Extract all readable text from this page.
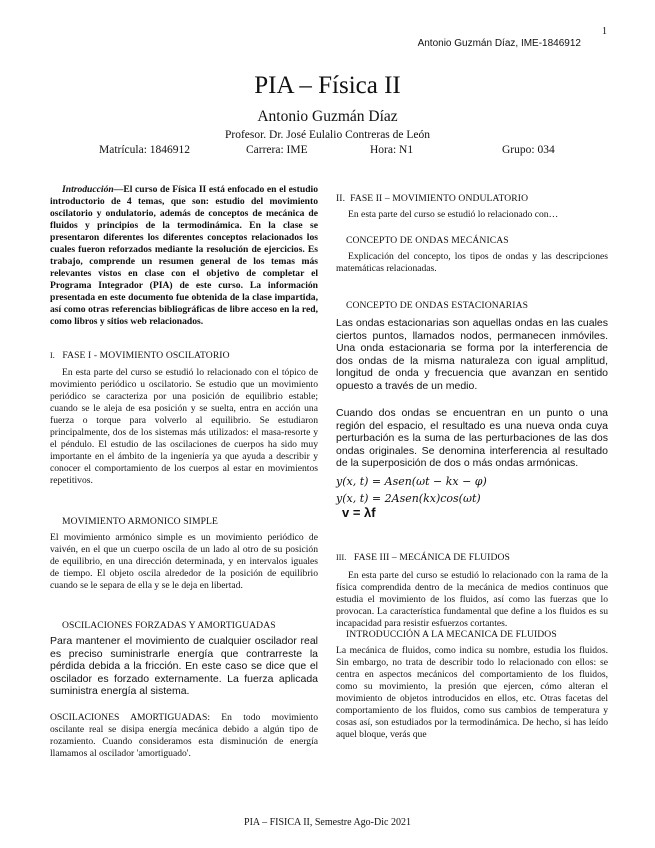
1
Antonio Guzmán Díaz, IME-1846912
PIA – Física II
Antonio Guzmán Díaz
Profesor. Dr. José Eulalio Contreras de León
Matrícula: 1846912	Carrera: IME	Hora: N1	Grupo: 034
Introducción—El curso de Física II está enfocado en el estudio introductorio de 4 temas, que son: estudio del movimiento oscilatorio y ondulatorio, además de conceptos de mecánica de fluidos y principios de la termodinámica. En la clase se presentaron diferentes los diferentes conceptos relacionados los cuales fueron reforzados mediante la resolución de ejercicios. Es trabajo, comprende un resumen general de los temas más relevantes vistos en clase con el objetivo de completar el Programa Integrador (PIA) de este curso. La información presentada en este documento fue obtenida de la clase impartida, así como otras referencias bibliográficas de libre acceso en la red, como libros y sitios web relacionados.
I. FASE I - MOVIMIENTO OSCILATORIO
En esta parte del curso se estudió lo relacionado con el tópico de movimiento periódico u oscilatorio. Se estudio que un movimiento periódico se caracteriza por una posición de equilibrio estable; cuando se le aleja de esa posición y se suelta, entra en acción una fuerza o torque para volverlo al equilibrio. Se estudiaron principalmente, dos de los sistemas más utilizados: el masa-resorte y el péndulo. El estudio de las oscilaciones de cuerpos ha sido muy importante en el ámbito de la ingeniería ya que ayuda a describir y conocer el comportamiento de los cuerpos al estar en movimientos repetitivos.
MOVIMIENTO ARMONICO SIMPLE
El movimiento armónico simple es un movimiento periódico de vaivén, en el que un cuerpo oscila de un lado al otro de su posición de equilibrio, en una dirección determinada, y en intervalos iguales de tiempo. El objeto oscila alrededor de la posición de equilibrio cuando se le separa de ella y se le deja en libertad.
OSCILACIONES FORZADAS Y AMORTIGUADAS
Para mantener el movimiento de cualquier oscilador real es preciso suministrarle energía que contrarreste la pérdida debida a la fricción. En este caso se dice que el oscilador es forzado externamente. La fuerza aplicada suministra energía al sistema.
OSCILACIONES AMORTIGUADAS: En todo movimiento oscilante real se disipa energía mecánica debido a algún tipo de rozamiento. Cuando consideramos esta disminución de energía llamamos al oscilador 'amortiguado'.
II. FASE II – MOVIMIENTO ONDULATORIO
En esta parte del curso se estudió lo relacionado con…
CONCEPTO DE ONDAS MECÁNICAS
Explicación del concepto, los tipos de ondas y las descripciones matemáticas relacionadas.
CONCEPTO DE ONDAS ESTACIONARIAS
Las ondas estacionarias son aquellas ondas en las cuales ciertos puntos, llamados nodos, permanecen inmóviles. Una onda estacionaria se forma por la interferencia de dos ondas de la misma naturaleza con igual amplitud, longitud de onda y frecuencia que avanzan en sentido opuesto a través de un medio.
Cuando dos ondas se encuentran en un punto o una región del espacio, el resultado es una nueva onda cuya perturbación es la suma de las perturbaciones de las dos ondas originales. Se denomina interferencia al resultado de la superposición de dos o más ondas armónicas.
y(x, t) = Asen(ωt − kx − φ)
y(x, t) = 2Asen(kx)cos(ωt)
v = λf
III. FASE III – MECÁNICA DE FLUIDOS
En esta parte del curso se estudió lo relacionado con la rama de la física comprendida dentro de la mecánica de medios continuos que estudia el movimiento de los fluidos, así como las fuerzas que lo provocan. La característica fundamental que define a los fluidos es su incapacidad para resistir esfuerzos cortantes.
INTRODUCCIÓN A LA MECANICA DE FLUIDOS
La mecánica de fluidos, como indica su nombre, estudia los fluidos. Sin embargo, no trata de describir todo lo relacionado con ellos: se centra en aspectos mecánicos del comportamiento de los fluidos, como su movimiento, la presión que ejercen, cómo alteran el movimiento de objetos introducidos en ellos, etc. Otras facetas del comportamiento de los fluidos, como sus cambios de temperatura y cosas así, son estudiados por la termodinámica. De hecho, si has leído aquel bloque, verás que
PIA – FISICA II, Semestre Ago-Dic 2021
